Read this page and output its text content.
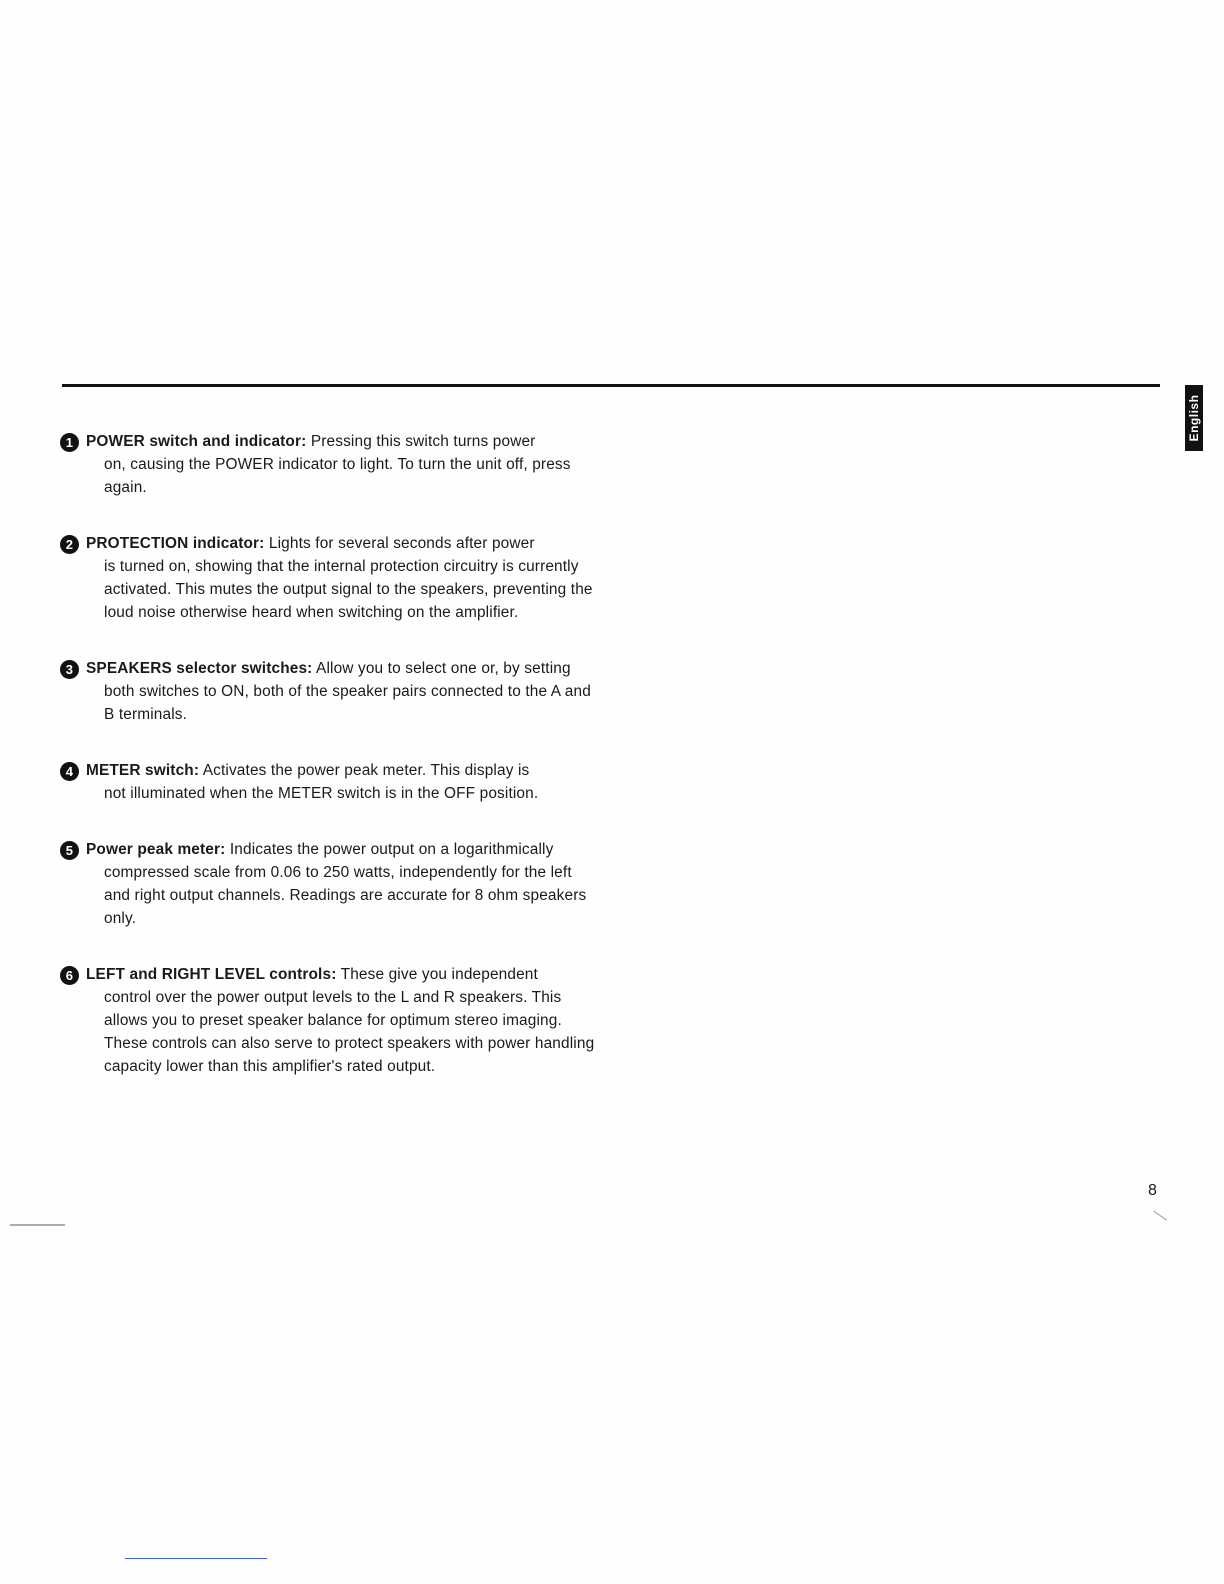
English
1 POWER switch and indicator: Pressing this switch turns power
on, causing the POWER indicator to light. To turn the unit off, press again.
2 PROTECTION indicator: Lights for several seconds after power
is turned on, showing that the internal protection circuitry is currently activated. This mutes the output signal to the speakers, preventing the loud noise otherwise heard when switching on the amplifier.
3 SPEAKERS selector switches: Allow you to select one or, by setting
both switches to ON, both of the speaker pairs connected to the A and B terminals.
4 METER switch: Activates the power peak meter. This display is
not illuminated when the METER switch is in the OFF position.
5 Power peak meter: Indicates the power output on a logarithmically
compressed scale from 0.06 to 250 watts, independently for the left and right output channels. Readings are accurate for 8 ohm speakers only.
6 LEFT and RIGHT LEVEL controls: These give you independent
control over the power output levels to the L and R speakers. This allows you to preset speaker balance for optimum stereo imaging. These controls can also serve to protect speakers with power handling capacity lower than this amplifier's rated output.
8
